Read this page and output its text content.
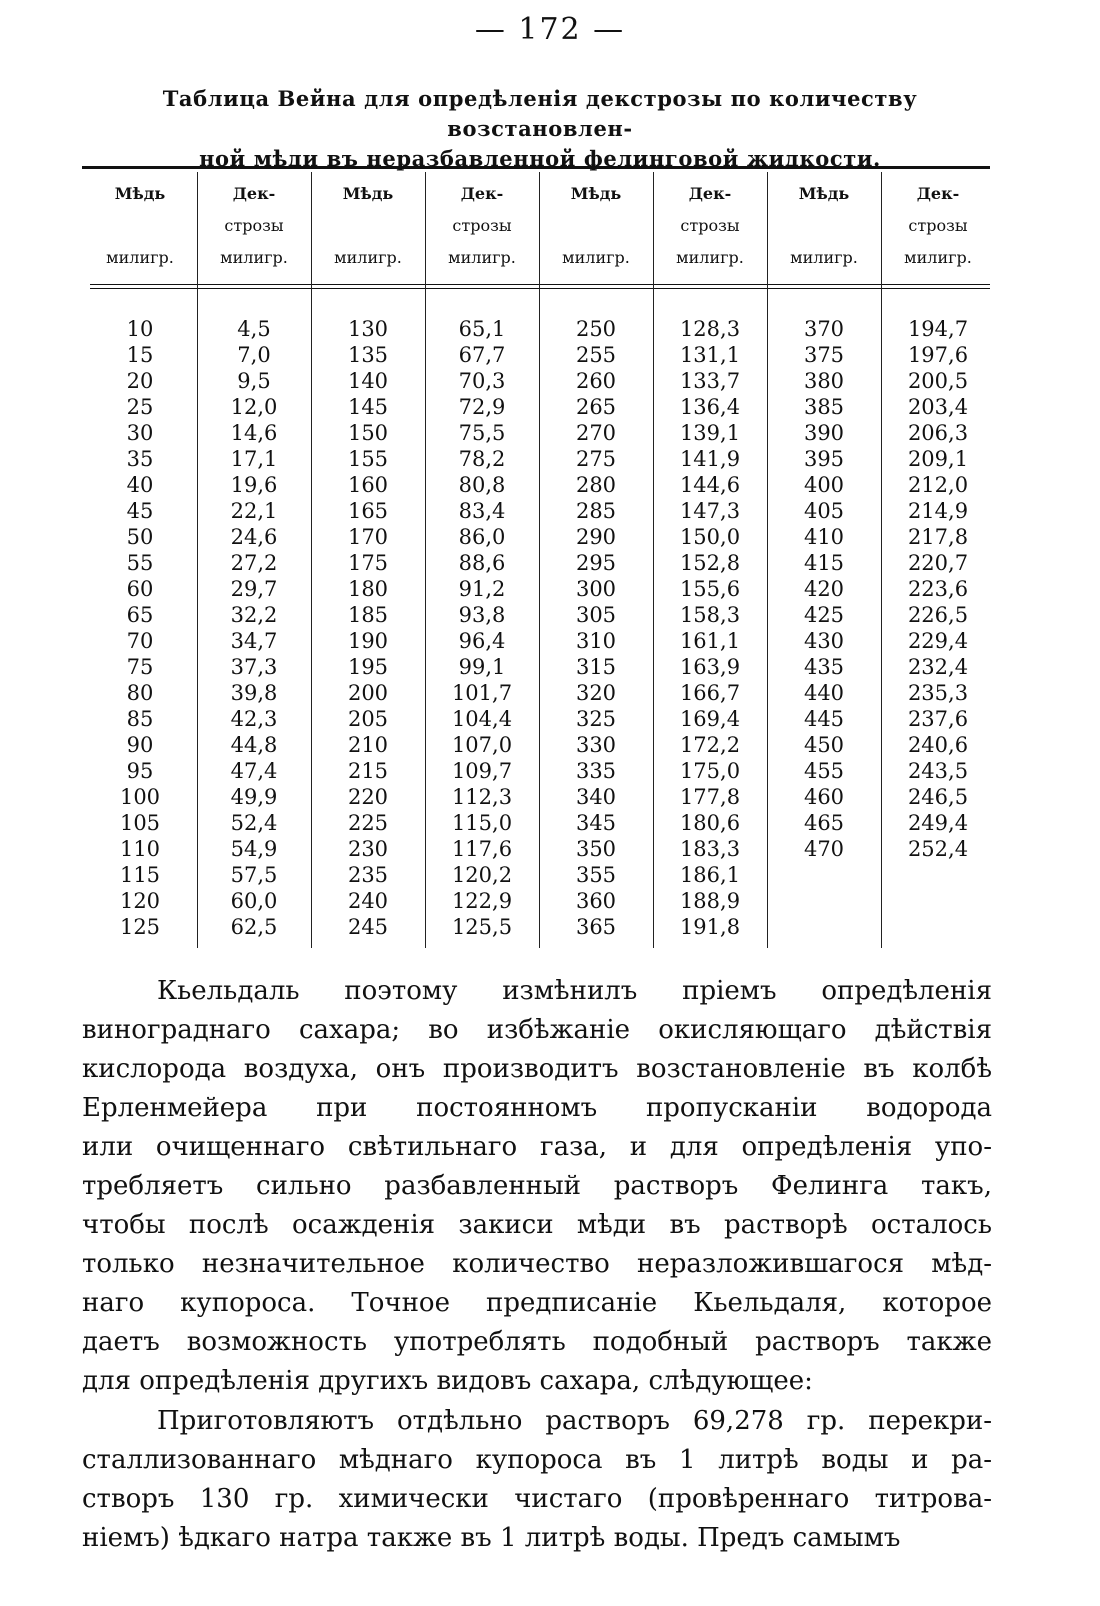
— 172 —
Таблица Вейна для опредѣленія декстрозы по количеству возстановлен-
ной мѣди въ неразбавленной фелинговой жидкости.
Мѣдь
милигр.
Дек-
строзы
милигр.
Мѣдь
милигр.
Дек-
строзы
милигр.
Мѣдь
милигр.
Дек-
строзы
милигр.
Мѣдь
милигр.
Дек-
строзы
милигр.
10
15
20
25
30
35
40
45
50
55
60
65
70
75
80
85
90
95
100
105
110
115
120
125
4,5
7,0
9,5
12,0
14,6
17,1
19,6
22,1
24,6
27,2
29,7
32,2
34,7
37,3
39,8
42,3
44,8
47,4
49,9
52,4
54,9
57,5
60,0
62,5
130
135
140
145
150
155
160
165
170
175
180
185
190
195
200
205
210
215
220
225
230
235
240
245
65,1
67,7
70,3
72,9
75,5
78,2
80,8
83,4
86,0
88,6
91,2
93,8
96,4
99,1
101,7
104,4
107,0
109,7
112,3
115,0
117,6
120,2
122,9
125,5
250
255
260
265
270
275
280
285
290
295
300
305
310
315
320
325
330
335
340
345
350
355
360
365
128,3
131,1
133,7
136,4
139,1
141,9
144,6
147,3
150,0
152,8
155,6
158,3
161,1
163,9
166,7
169,4
172,2
175,0
177,8
180,6
183,3
186,1
188,9
191,8
370
375
380
385
390
395
400
405
410
415
420
425
430
435
440
445
450
455
460
465
470
194,7
197,6
200,5
203,4
206,3
209,1
212,0
214,9
217,8
220,7
223,6
226,5
229,4
232,4
235,3
237,6
240,6
243,5
246,5
249,4
252,4
Кьельдаль поэтому измѣнилъ пріемъ опредѣленія
винограднаго сахара; во избѣжаніе окисляющаго дѣйствія
кислорода воздуха, онъ производитъ возстановленіе въ колбѣ
Ерленмейера при постоянномъ пропусканіи водорода
или очищеннаго свѣтильнаго газа, и для опредѣленія упо-
требляетъ сильно разбавленный растворъ Фелинга такъ,
чтобы послѣ осажденія закиси мѣди въ растворѣ осталось
только незначительное количество неразложившагося мѣд-
наго купороса. Точное предписаніе Кьельдаля, которое
даетъ возможность употреблять подобный растворъ также
для опредѣленія другихъ видовъ сахара, слѣдующее:
Приготовляютъ отдѣльно растворъ 69,278 гр. перекри-
сталлизованнаго мѣднаго купороса въ 1 литрѣ воды и ра-
створъ 130 гр. химически чистаго (провѣреннаго титрова-
ніемъ) ѣдкаго натра также въ 1 литрѣ воды. Предъ самымъ
